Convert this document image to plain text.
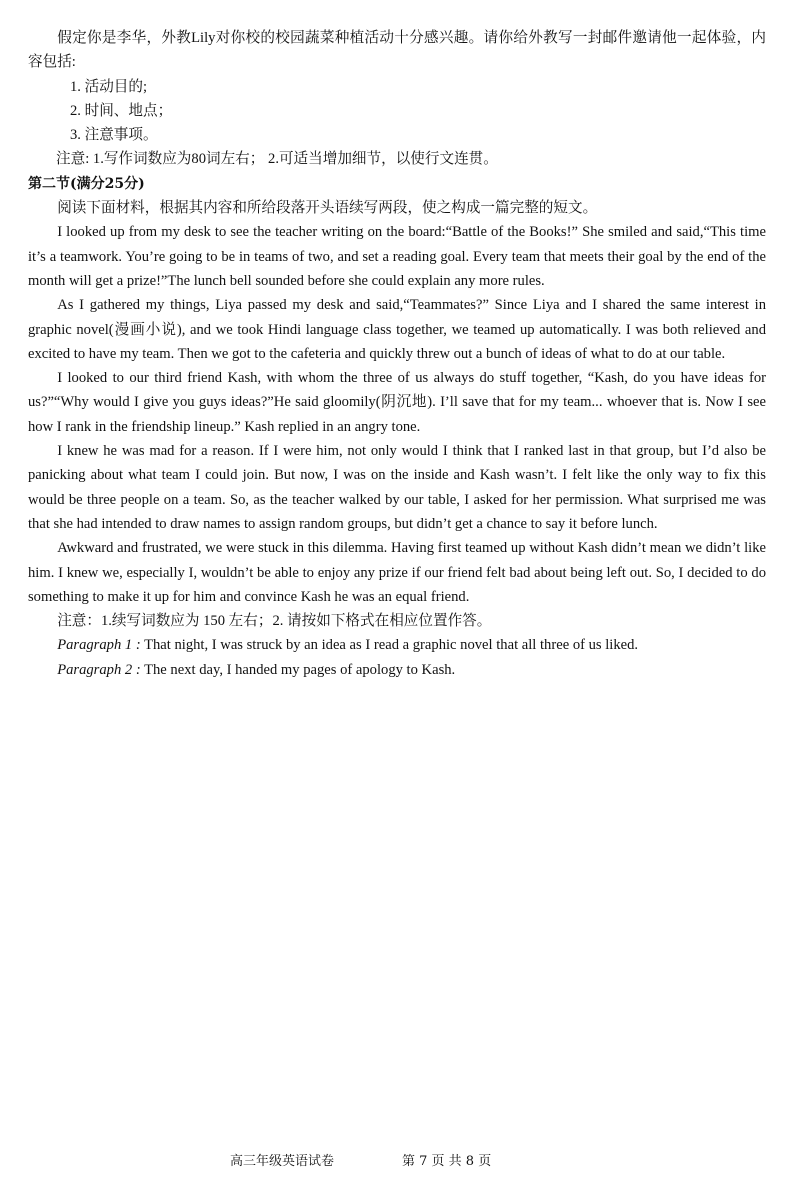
假定你是李华，外教Lily对你校的校园蔬菜种植活动十分感兴趣。请你给外教写一封邮件邀请他一起体验，内容包括:

1. 活动目的;

2. 时间、地点；

3. 注意事项。

注意: 1.写作词数应为80词左右； 2.可适当增加细节，以使行文连贯。

第二节(满分25分)

阅读下面材料，根据其内容和所给段落开头语续写两段，使之构成一篇完整的短文。

I looked up from my desk to see the teacher writing on the board:“Battle of the Books!” She smiled and said,“This time it’s a teamwork. You’re going to be in teams of two, and set a reading goal. Every team that meets their goal by the end of the month will get a prize!”The lunch bell sounded before she could explain any more rules.

As I gathered my things, Liya passed my desk and said,“Teammates?” Since Liya and I shared the same interest in graphic novel(漫画小说), and we took Hindi language class together, we teamed up automatically. I was both relieved and excited to have my team. Then we got to the cafeteria and quickly threw out a bunch of ideas of what to do at our table.

I looked to our third friend Kash, with whom the three of us always do stuff together, “Kash, do you have ideas for us?”“Why would I give you guys ideas?”He said gloomily(阴沉地). I’ll save that for my team... whoever that is. Now I see how I rank in the friendship lineup.” Kash replied in an angry tone.

I knew he was mad for a reason. If I were him, not only would I think that I ranked last in that group, but I’d also be panicking about what team I could join. But now, I was on the inside and Kash wasn’t. I felt like the only way to fix this would be three people on a team. So, as the teacher walked by our table, I asked for her permission. What surprised me was that she had intended to draw names to assign random groups, but didn’t get a chance to say it before lunch.

Awkward and frustrated, we were stuck in this dilemma. Having first teamed up without Kash didn’t mean we didn’t like him. I knew we, especially I, wouldn’t be able to enjoy any prize if our friend felt bad about being left out. So, I decided to do something to make it up for him and convince Kash he was an equal friend.

注意：1.续写词数应为 150 左右；2. 请按如下格式在相应位置作答。

Paragraph 1 : That night, I was struck by an idea as I read a graphic novel that all three of us liked.

Paragraph 2 : The next day, I handed my pages of apology to Kash.

高三年级英语试卷	第 7 页 共 8 页
